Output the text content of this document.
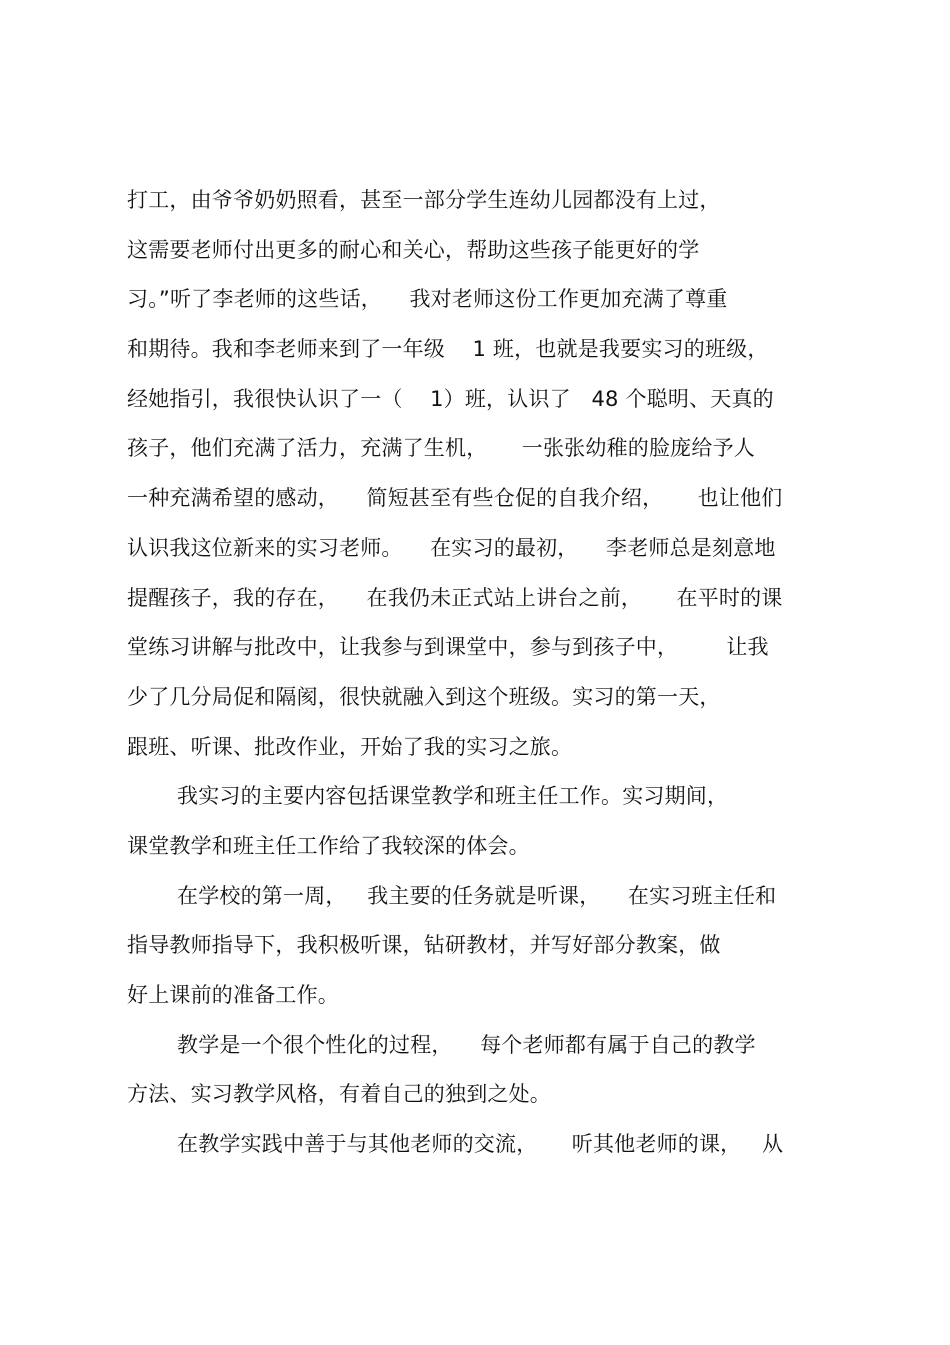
打工，由爷爷奶奶照看，甚至一部分学生连幼儿园都没有上过，
这需要老师付出更多的耐心和关心，帮助这些孩子能更好的学
习。”听了李老师的这些话，    我对老师这份工作更加充满了尊重
和期待。我和李老师来到了一年级    1 班，也就是我要实习的班级，
经她指引，我很快认识了一（    1）班，认识了   48 个聪明、天真的
孩子，他们充满了活力，充满了生机，     一张张幼稚的脸庞给予人
一种充满希望的感动，    简短甚至有些仓促的自我介绍，     也让他们
认识我这位新来的实习老师。    在实习的最初，    李老师总是刻意地
提醒孩子，我的存在，    在我仍未正式站上讲台之前，     在平时的课
堂练习讲解与批改中，让我参与到课堂中，参与到孩子中，       让我
少了几分局促和隔阂，很快就融入到这个班级。实习的第一天，
跟班、听课、批改作业，开始了我的实习之旅。
我实习的主要内容包括课堂教学和班主任工作。实习期间，
课堂教学和班主任工作给了我较深的体会。
在学校的第一周，   我主要的任务就是听课，    在实习班主任和
指导教师指导下，我积极听课，钻研教材，并写好部分教案，做
好上课前的准备工作。
教学是一个很个性化的过程，    每个老师都有属于自己的教学
方法、实习教学风格，有着自己的独到之处。
在教学实践中善于与其他老师的交流，     听其他老师的课，   从
